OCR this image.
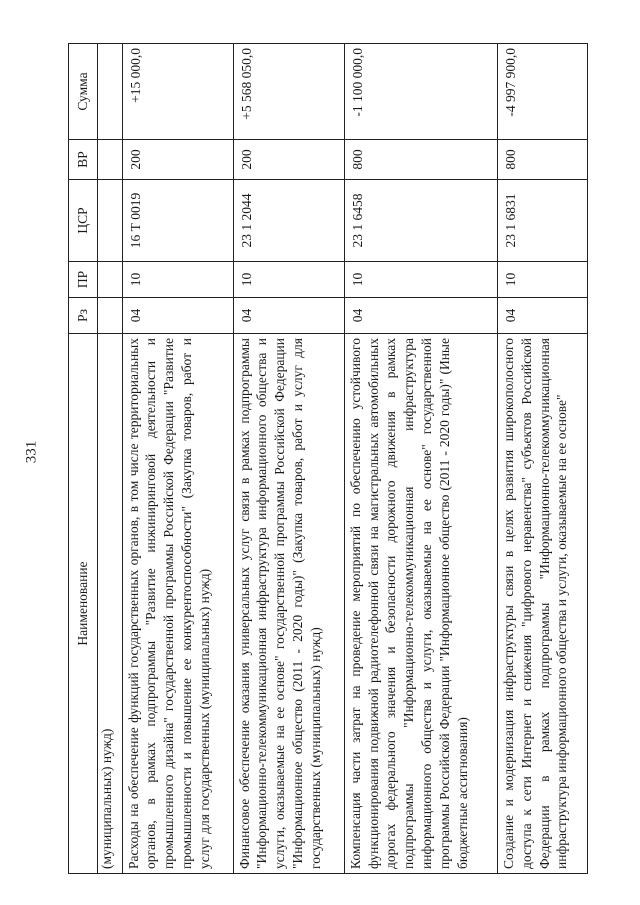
331
Наименование	Рз	ПР	ЦСР	ВР	Сумма
(муниципальных) нужд)					
Расходы на обеспечение функций государственных органов, в том числе территориальных органов, в рамках подпрограммы "Развитие инжиниринговой деятельности и промышленного дизайна" государственной программы Российской Федерации "Развитие промышленности и повышение ее конкурентоспособности" (Закупка товаров, работ и услуг для государственных (муниципальных) нужд)	04	10	16 Т 0019	200	+15 000,0
Финансовое обеспечение оказания универсальных услуг связи в рамках подпрограммы "Информационно-телекоммуникационная инфраструктура информационного общества и услуги, оказываемые на ее основе" государственной программы Российской Федерации "Информационное общество (2011 - 2020 годы)" (Закупка товаров, работ и услуг для государственных (муниципальных) нужд)	04	10	23 1 2044	200	+5 568 050,0
Компенсация части затрат на проведение мероприятий по обеспечению устойчивого функционирования подвижной радиотелефонной связи на магистральных автомобильных дорогах федерального значения и безопасности дорожного движения в рамках подпрограммы "Информационно-телекоммуникационная инфраструктура информационного общества и услуги, оказываемые на ее основе" государственной программы Российской Федерации "Информационное общество (2011 - 2020 годы)" (Иные бюджетные ассигнования)	04	10	23 1 6458	800	-1 100 000,0
Создание и модернизация инфраструктуры связи в целях развития широкополосного доступа к сети Интернет и снижения "цифрового неравенства" субъектов Российской Федерации в рамках подпрограммы "Информационно-телекоммуникационная инфраструктура информационного общества и услуги, оказываемые на ее основе"	04	10	23 1 6831	800	-4 997 900,0
